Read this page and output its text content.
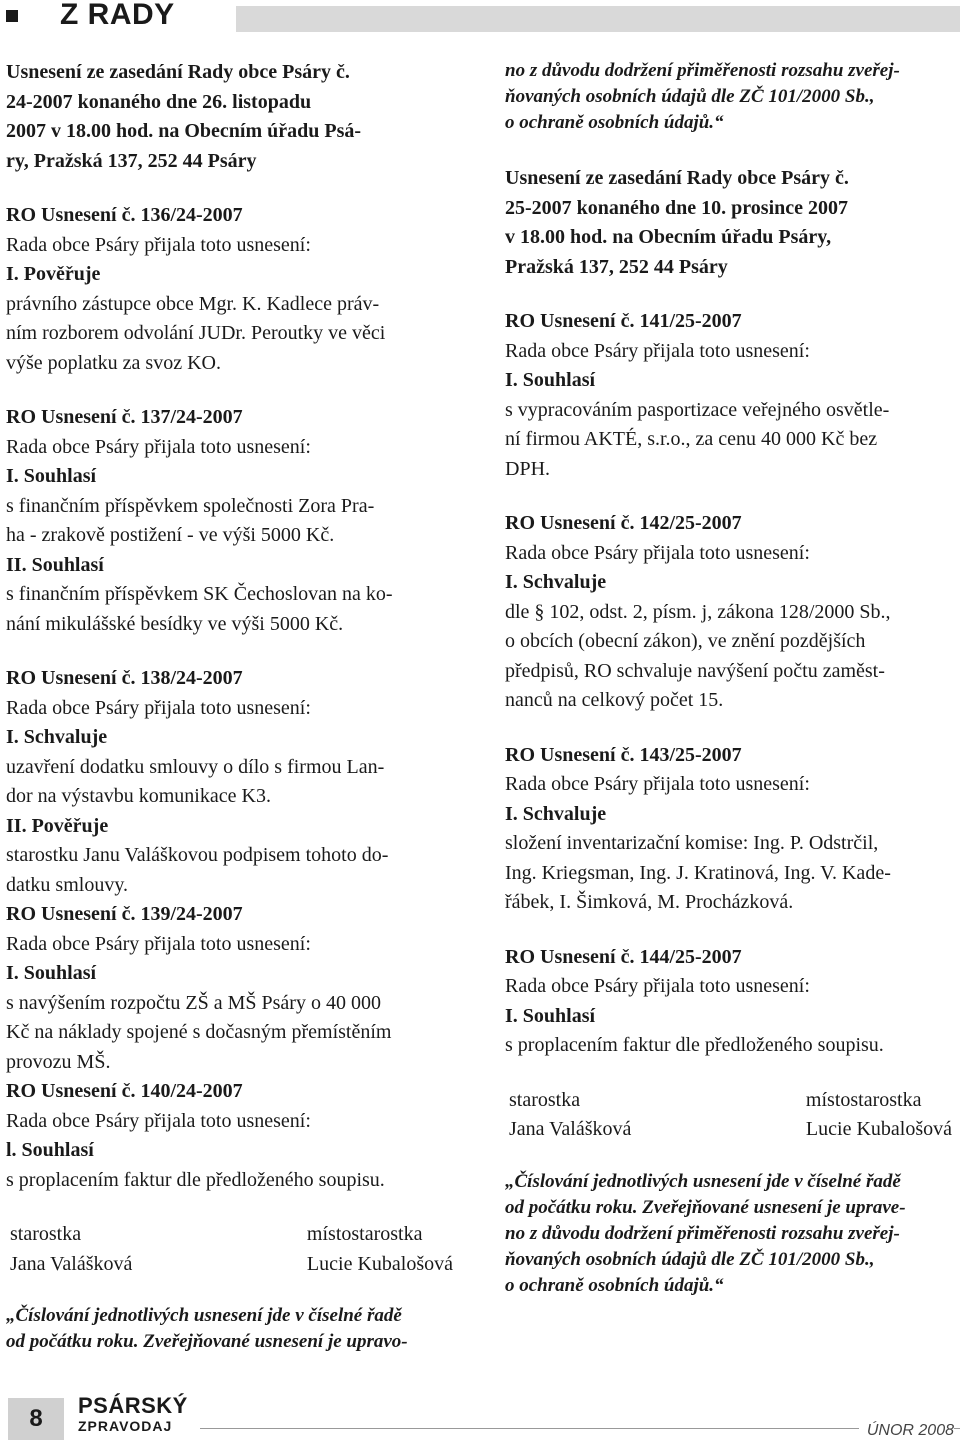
Z RADY
Usnesení ze zasedání Rady obce Psáry č.
24-2007 konaného dne 26. listopadu
2007 v 18.00 hod. na Obecním úřadu Psá-
ry, Pražská 137, 252 44 Psáry
RO Usnesení č. 136/24-2007
Rada obce Psáry přijala toto usnesení:
I. Pověřuje
právního zástupce obce Mgr. K. Kadlece práv-
ním rozborem odvolání JUDr. Peroutky ve věci
výše poplatku za svoz KO.
RO Usnesení č. 137/24-2007
Rada obce Psáry přijala toto usnesení:
I. Souhlasí
s finančním příspěvkem společnosti Zora Pra-
ha - zrakově postižení - ve výši 5000 Kč.
II. Souhlasí
s finančním příspěvkem SK Čechoslovan na ko-
nání mikulášské besídky ve výši 5000 Kč.
RO Usnesení č. 138/24-2007
Rada obce Psáry přijala toto usnesení:
I. Schvaluje
uzavření dodatku smlouvy o dílo s firmou Lan-
dor na výstavbu komunikace K3.
II. Pověřuje
starostku Janu Valáškovou podpisem tohoto do-
datku smlouvy.
RO Usnesení č. 139/24-2007
Rada obce Psáry přijala toto usnesení:
I. Souhlasí
s navýšením rozpočtu ZŠ a MŠ Psáry o 40 000
Kč na náklady spojené s dočasným přemístěním
provozu MŠ.
RO Usnesení č. 140/24-2007
Rada obce Psáry přijala toto usnesení:
l. Souhlasí
s proplacením faktur dle předloženého soupisu.
starostka
Jana Valášková
místostarostka
Lucie Kubalošová
„Číslování jednotlivých usnesení jde v číselné řadě
od počátku roku. Zveřejňované usnesení je upravo-
no z důvodu dodržení přiměřenosti rozsahu zveřej-
ňovaných osobních údajů dle ZČ 101/2000 Sb.,
o ochraně osobních údajů.“
Usnesení ze zasedání Rady obce Psáry č.
25-2007 konaného dne 10. prosince 2007
v 18.00 hod. na Obecním úřadu Psáry,
Pražská 137, 252 44 Psáry
RO Usnesení č. 141/25-2007
Rada obce Psáry přijala toto usnesení:
I. Souhlasí
s vypracováním pasportizace veřejného osvětle-
ní firmou AKTÉ, s.r.o., za cenu 40 000 Kč bez
DPH.
RO Usnesení č. 142/25-2007
Rada obce Psáry přijala toto usnesení:
I. Schvaluje
dle § 102, odst. 2, písm. j, zákona 128/2000 Sb.,
o obcích (obecní zákon), ve znění pozdějších
předpisů, RO schvaluje navýšení počtu zaměst-
nanců na celkový počet 15.
RO Usnesení č. 143/25-2007
Rada obce Psáry přijala toto usnesení:
I. Schvaluje
složení inventarizační komise: Ing. P. Odstrčil,
Ing. Kriegsman, Ing. J. Kratinová, Ing. V. Kade-
řábek, I. Šimková, M. Procházková.
RO Usnesení č. 144/25-2007
Rada obce Psáry přijala toto usnesení:
I. Souhlasí
s proplacením faktur dle předloženého soupisu.
starostka
Jana Valášková
místostarostka
Lucie Kubalošová
„Číslování jednotlivých usnesení jde v číselné řadě
od počátku roku. Zveřejňované usnesení je uprave-
no z důvodu dodržení přiměřenosti rozsahu zveřej-
ňovaných osobních údajů dle ZČ 101/2000 Sb.,
o ochraně osobních údajů.“
8	PSÁRSKÝ
ZPRAVODAJ	ÚNOR 2008
